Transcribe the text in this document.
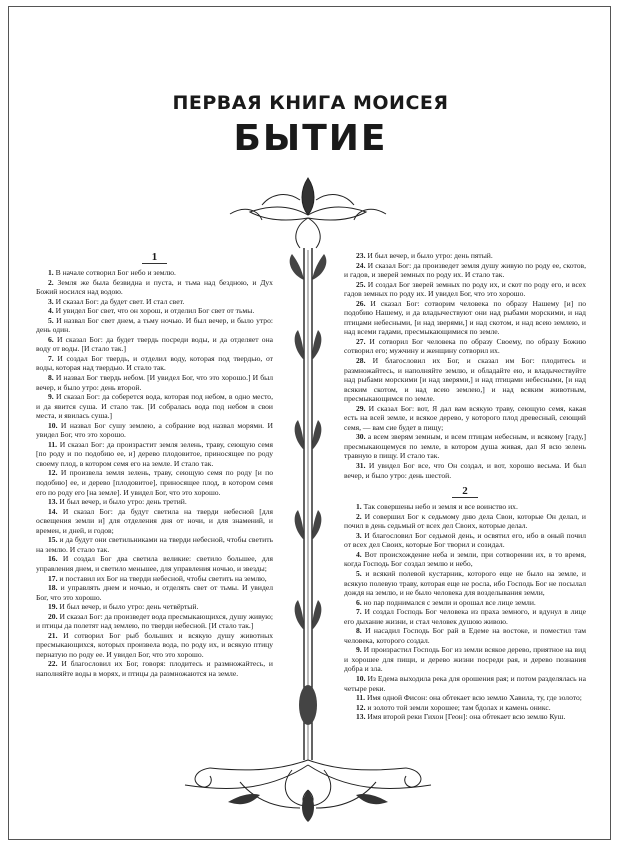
ПЕРВАЯ КНИГА МОИСЕЯ
БЫТИЕ
1

1. В начале сотворил Бог небо и землю.

2. Земля же была безвидна и пуста, и тьма над бездною, и Дух Божий носился над водою.

3. И сказал Бог: да будет свет. И стал свет.

4. И увидел Бог свет, что он хорош, и отделил Бог свет от тьмы.

5. И назвал Бог свет днем, а тьму ночью. И был вечер, и было утро: день один.

6. И сказал Бог: да будет твердь посреди воды, и да отделяет она воду от воды. [И стало так.]

7. И создал Бог твердь, и отделил воду, которая под твердью, от воды, которая над твердью. И стало так.

8. И назвал Бог твердь небом. [И увидел Бог, что это хорошо.] И был вечер, и было утро: день второй.

9. И сказал Бог: да соберется вода, которая под небом, в одно место, и да явится суша. И стало так. [И собралась вода под небом в свои места, и явилась суша.]

10. И назвал Бог сушу землею, а собрание вод назвал морями. И увидел Бог, что это хорошо.

11. И сказал Бог: да произрастит земля зелень, траву, сеющую семя [по роду и по подобию ее, и] дерево плодовитое, приносящее по роду своему плод, в котором семя его на земле. И стало так.

12. И произвела земля зелень, траву, сеющую семя по роду [и по подобию] ее, и дерево [плодовитое], приносящее плод, в котором семя его по роду его [на земле]. И увидел Бог, что это хорошо.

13. И был вечер, и было утро: день третий.

14. И сказал Бог: да будут светила на тверди небесной [для освещения земли и] для отделения дня от ночи, и для знамений, и времен, и дней, и годов;

15. и да будут они светильниками на тверди небесной, чтобы светить на землю. И стало так.

16. И создал Бог два светила великие: светило большее, для управления днем, и светило меньшее, для управления ночью, и звезды;

17. и поставил их Бог на тверди небесной, чтобы светить на землю,

18. и управлять днем и ночью, и отделять свет от тьмы. И увидел Бог, что это хорошо.

19. И был вечер, и было утро: день четвёртый.

20. И сказал Бог: да произведет вода пресмыкающихся, душу живую; и птицы да полетят над землею, по тверди небесной. [И стало так.]

21. И сотворил Бог рыб больших и всякую душу животных пресмыкающихся, которых произвела вода, по роду их, и всякую птицу пернатую по роду ее. И увидел Бог, что это хорошо.

22. И благословил их Бог, говоря: плодитесь и размножайтесь, и наполняйте воды в морях, и птицы да размножаются на земле.

23. И был вечер, и было утро: день пятый.

24. И сказал Бог: да произведет земля душу живую по роду ее, скотов, и гадов, и зверей земных по роду их. И стало так.

25. И создал Бог зверей земных по роду их, и скот по роду его, и всех гадов земных по роду их. И увидел Бог, что это хорошо.

26. И сказал Бог: сотворим человека по образу Нашему [и] по подобию Нашему, и да владычествуют они над рыбами морскими, и над птицами небесными, [и над зверями,] и над скотом, и над всею землею, и над всеми гадами, пресмыкающимися по земле.

27. И сотворил Бог человека по образу Своему, по образу Божию сотворил его; мужчину и женщину сотворил их.

28. И благословил их Бог, и сказал им Бог: плодитесь и размножайтесь, и наполняйте землю, и обладайте ею, и владычествуйте над рыбами морскими [и над зверями,] и над птицами небесными, [и над всяким скотом, и над всею землею,] и над всяким животным, пресмыкающимся по земле.

29. И сказал Бог: вот, Я дал вам всякую траву, сеющую семя, какая есть на всей земле, и всякое дерево, у которого плод древесный, сеющий семя, — вам сие будет в пищу;

30. а всем зверям земным, и всем птицам небесным, и всякому [гаду,] пресмыкающемуся по земле, в котором душа живая, дал Я всю зелень травную в пищу. И стало так.

31. И увидел Бог все, что Он создал, и вот, хорошо весьма. И был вечер, и было утро: день шестой.

2

1. Так совершены небо и земля и все воинство их.

2. И совершил Бог к седьмому дню дела Свои, которые Он делал, и почил в день седьмый от всех дел Своих, которые делал.

3. И благословил Бог седьмой день, и освятил его, ибо в оный почил от всех дел Своих, которые Бог творил и созидал.

4. Вот происхождение неба и земли, при сотворении их, в то время, когда Господь Бог создал землю и небо,

5. и всякий полевой кустарник, которого еще не было на земле, и всякую полевую траву, которая еще не росла, ибо Господь Бог не посылал дождя на землю, и не было человека для возделывания земли,

6. но пар поднимался с земли и орошал все лице земли.

7. И создал Господь Бог человека из праха земного, и вдунул в лице его дыхание жизни, и стал человек душою живою.

8. И насадил Господь Бог рай в Едеме на востоке, и поместил там человека, которого создал.

9. И произрастил Господь Бог из земли всякое дерево, приятное на вид и хорошее для пищи, и дерево жизни посреди рая, и дерево познания добра и зла.

10. Из Едема выходила река для орошения рая; и потом разделялась на четыре реки.

11. Имя одной Фисон: она обтекает всю землю Хавила, ту, где золото;

12. и золото той земли хорошее; там бдолах и камень оникс.

13. Имя второй реки Гихон [Геон]: она обтекает всю землю Куш.
